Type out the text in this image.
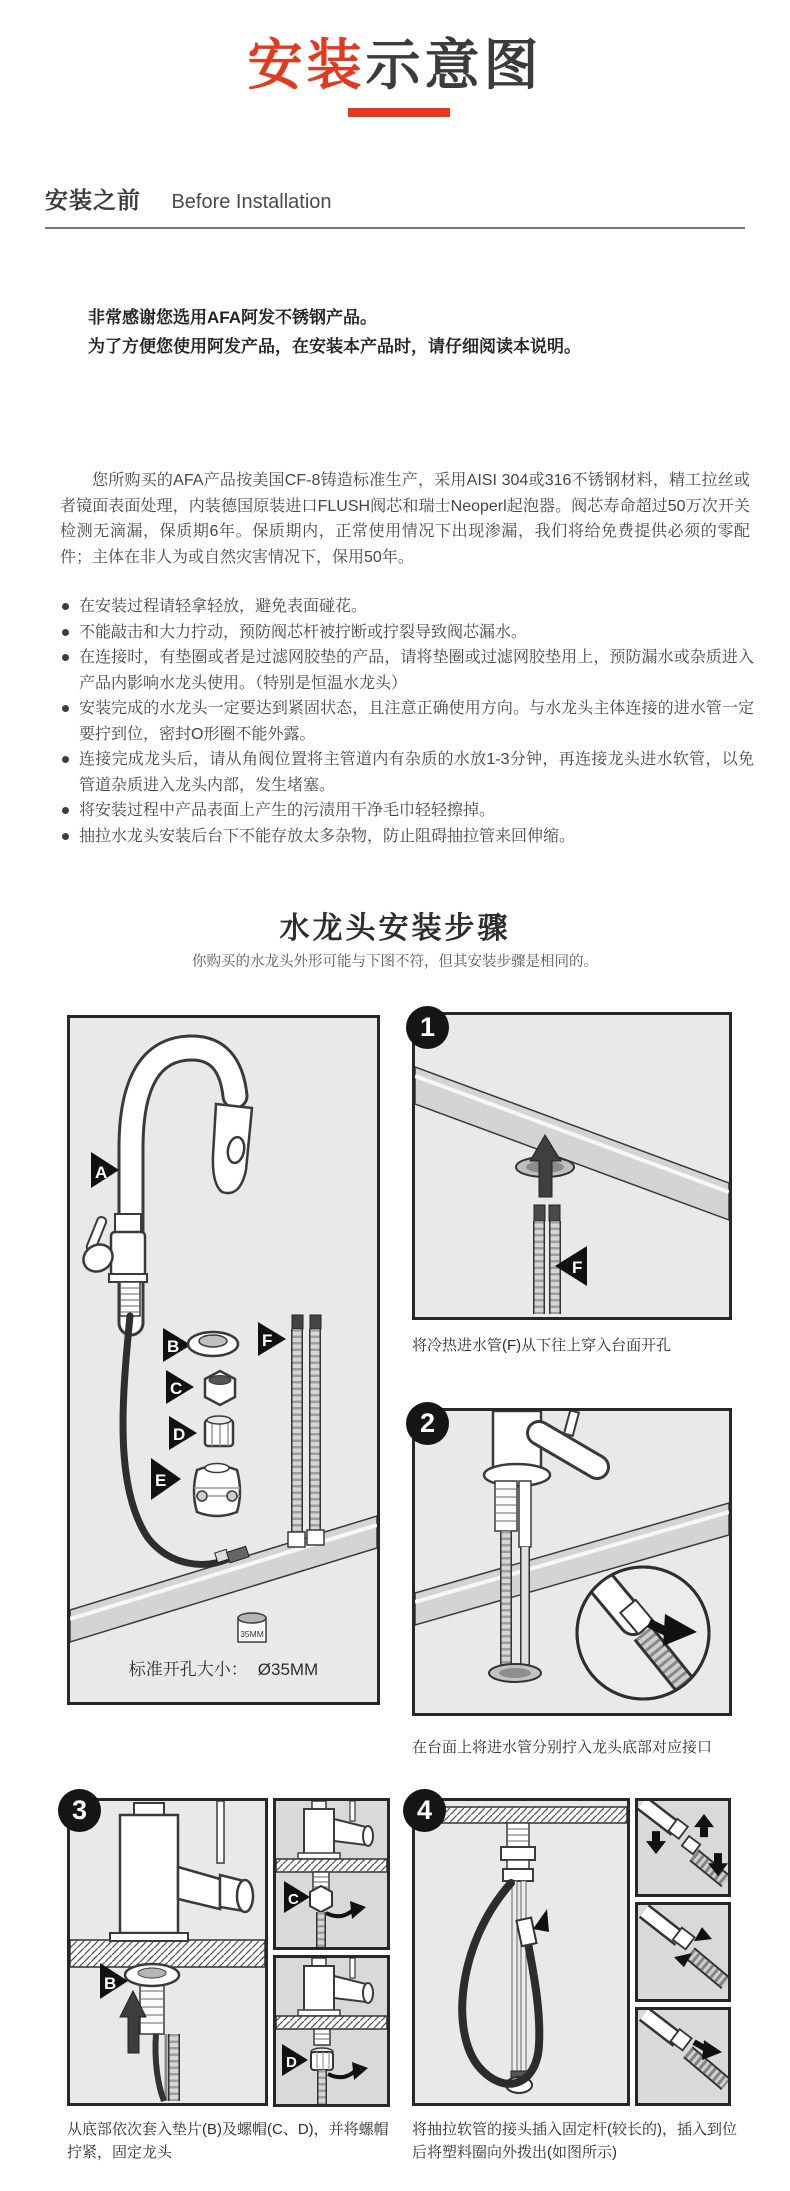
安装示意图
安装之前 Before Installation
非常感谢您选用AFA阿发不锈钢产品。
为了方便您使用阿发产品，在安装本产品时，请仔细阅读本说明。

您所购买的AFA产品按美国CF-8铸造标准生产，采用AISI 304或316不锈钢材料，精工拉丝或者镜面表面处理，内装德国原装进口FLUSH阀芯和瑞士Neoperl起泡器。阀芯寿命超过50万次开关检测无滴漏，保质期6年。保质期内，正常使用情况下出现渗漏，我们将给免费提供必须的零配件；主体在非人为或自然灾害情况下，保用50年。

在安装过程请轻拿轻放，避免表面碰花。
不能敲击和大力拧动，预防阀芯杆被拧断或拧裂导致阀芯漏水。
在连接时，有垫圈或者是过滤网胶垫的产品，请将垫圈或过滤网胶垫用上，预防漏水或杂质进入产品内影响水龙头使用。（特别是恒温水龙头）
安装完成的水龙头一定要达到紧固状态，且注意正确使用方向。与水龙头主体连接的进水管一定要拧到位，密封O形圈不能外露。
连接完成龙头后，请从角阀位置将主管道内有杂质的水放1-3分钟，再连接龙头进水软管，以免管道杂质进入龙头内部，发生堵塞。
将安装过程中产品表面上产生的污渍用干净毛巾轻轻擦掉。
抽拉水龙头安装后台下不能存放太多杂物，防止阻碍抽拉管来回伸缩。
水龙头安装步骤
你购买的水龙头外形可能与下图不符，但其安装步骤是相同的。
A
B
C
D
E
F
35MM
标准开孔大小： Ø35MM
1
F

将冷热进水管(F)从下往上穿入台面开孔

2

在台面上将进水管分别拧入龙头底部对应接口

3
B
C
D

从底部依次套入垫片(B)及螺帽(C、D)，并将螺帽拧紧，固定龙头

4

将抽拉软管的接头插入固定杆(较长的)，插入到位后将塑料圈向外拨出(如图所示)
